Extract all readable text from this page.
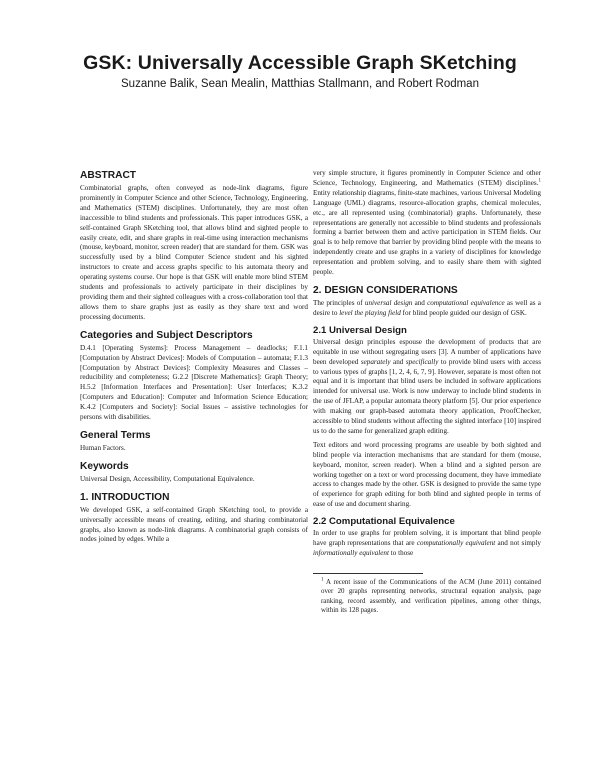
GSK: Universally Accessible Graph SKetching
Suzanne Balik, Sean Mealin, Matthias Stallmann, and Robert Rodman
ABSTRACT

Combinatorial graphs, often conveyed as node-link diagrams, figure prominently in Computer Science and other Science, Technology, Engineering, and Mathematics (STEM) disciplines. Unfortunately, they are most often inaccessible to blind students and professionals. This paper introduces GSK, a self-contained Graph SKetching tool, that allows blind and sighted people to easily create, edit, and share graphs in real-time using interaction mechanisms (mouse, keyboard, monitor, screen reader) that are standard for them. GSK was successfully used by a blind Computer Science student and his sighted instructors to create and access graphs specific to his automata theory and operating systems course. Our hope is that GSK will enable more blind STEM students and professionals to actively participate in their disciplines by providing them and their sighted colleagues with a cross-collaboration tool that allows them to share graphs just as easily as they share text and word processing documents.

Categories and Subject Descriptors

D.4.1 [Operating Systems]: Process Management – deadlocks; F.1.1 [Computation by Abstract Devices]: Models of Computation – automata; F.1.3 [Computation by Abstract Devices]: Complexity Measures and Classes – reducibility and completeness; G.2.2 [Discrete Mathematics]: Graph Theory; H.5.2 [Information Interfaces and Presentation]: User Interfaces; K.3.2 [Computers and Education]: Computer and Information Science Education; K.4.2 [Computers and Society]: Social Issues – assistive technologies for persons with disabilities.

General Terms

Human Factors.

Keywords

Universal Design, Accessibility, Computational Equivalence.

1. INTRODUCTION

We developed GSK, a self-contained Graph SKetching tool, to provide a universally accessible means of creating, editing, and sharing combinatorial graphs, also known as node-link diagrams. A combinatorial graph consists of nodes joined by edges. While a

very simple structure, it figures prominently in Computer Science and other Science, Technology, Engineering, and Mathematics (STEM) disciplines.$^1$ Entity relationship diagrams, finite-state machines, various Universal Modeling Language (UML) diagrams, resource-allocation graphs, chemical molecules, etc., are all represented using (combinatorial) graphs. Unfortunately, these representations are generally not accessible to blind students and professionals forming a barrier between them and active participation in STEM fields. Our goal is to help remove that barrier by providing blind people with the means to independently create and use graphs in a variety of disciplines for knowledge representation and problem solving, and to easily share them with sighted people.

2. DESIGN CONSIDERATIONS

The principles of universal design and computational equivalence as well as a desire to level the playing field for blind people guided our design of GSK.

2.1 Universal Design

Universal design principles espouse the development of products that are equitable in use without segregating users [3]. A number of applications have been developed separately and specifically to provide blind users with access to various types of graphs [1, 2, 4, 6, 7, 9]. However, separate is most often not equal and it is important that blind users be included in software applications intended for universal use. Work is now underway to include blind students in the use of JFLAP, a popular automata theory platform [5]. Our prior experience with making our graph-based automata theory application, ProofChecker, accessible to blind students without affecting the sighted interface [10] inspired us to do the same for generalized graph editing.

Text editors and word processing programs are useable by both sighted and blind people via interaction mechanisms that are standard for them (mouse, keyboard, monitor, screen reader). When a blind and a sighted person are working together on a text or word processing document, they have immediate access to changes made by the other. GSK is designed to provide the same type of experience for graph editing for both blind and sighted people in terms of ease of use and document sharing.

2.2 Computational Equivalence

In order to use graphs for problem solving, it is important that blind people have graph representations that are computationally equivalent and not simply informationally equivalent to those

$^1$ A recent issue of the Communications of the ACM (June 2011) contained over 20 graphs representing networks, structural equation analysis, page ranking, record assembly, and verification pipelines, among other things, within its 128 pages.
